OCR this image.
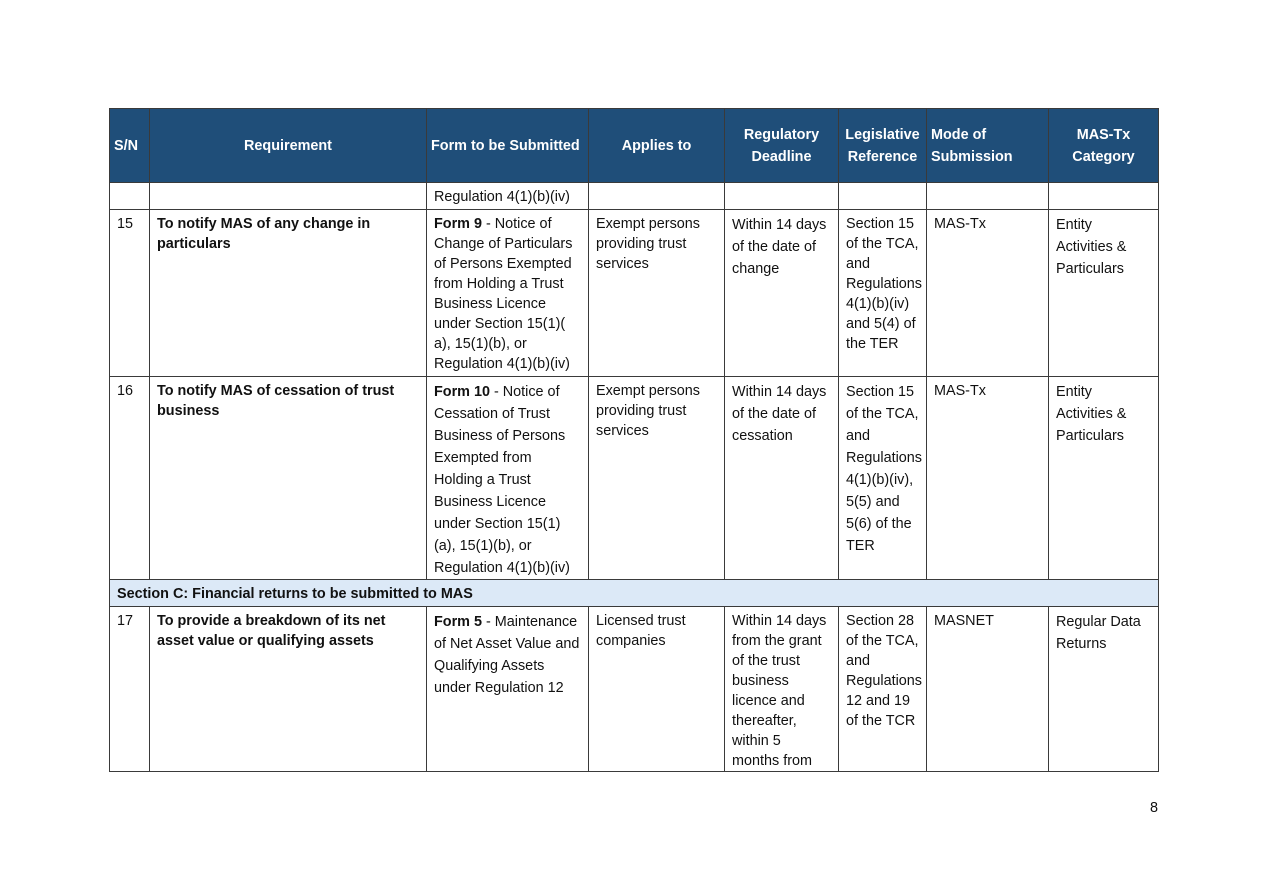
S/N	Requirement	Form to be Submitted	Applies to	Regulatory Deadline	Legislative Reference	Mode of Submission	MAS-Tx Category
		Regulation 4(1)(b)(iv)					
15	To notify MAS of any change in particulars	Form 9 - Notice of Change of Particulars of Persons Exempted from Holding a Trust Business Licence under Section 15(1)( a), 15(1)(b), or Regulation 4(1)(b)(iv)	Exempt persons providing trust services	Within 14 days of the date of change	Section 15 of the TCA, and Regulations 4(1)(b)(iv) and 5(4) of the TER	MAS-Tx	Entity Activities & Particulars
16	To notify MAS of cessation of trust business	Form 10 - Notice of Cessation of Trust Business of Persons Exempted from Holding a Trust Business Licence under Section 15(1)(a), 15(1)(b), or Regulation 4(1)(b)(iv)	Exempt persons providing trust services	Within 14 days of the date of cessation	Section 15 of the TCA, and Regulations 4(1)(b)(iv), 5(5) and 5(6) of the TER	MAS-Tx	Entity Activities & Particulars
Section C: Financial returns to be submitted to MAS							
17	To provide a breakdown of its net asset value or qualifying assets	Form 5 - Maintenance of Net Asset Value and Qualifying Assets under Regulation 12	Licensed trust companies	Within 14 days from the grant of the trust business licence and thereafter, within 5 months from	Section 28 of the TCA, and Regulations 12 and 19 of the TCR	MASNET	Regular Data Returns
8
